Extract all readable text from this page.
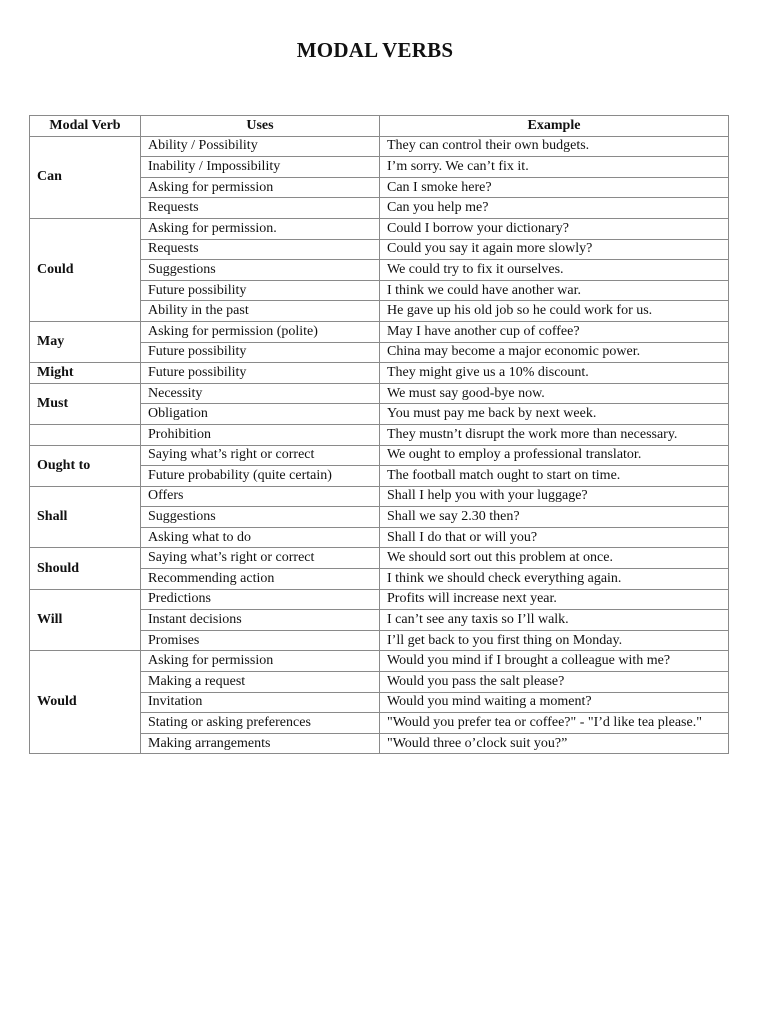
MODAL VERBS
Modal Verb	Uses	Example
Can	Ability / Possibility	They can control their own budgets.
	Inability / Impossibility	I’m sorry. We can’t fix it.
	Asking for permission	Can I smoke here?
	Requests	Can you help me?
Could	Asking for permission.	Could I borrow your dictionary?
	Requests	Could you say it again more slowly?
	Suggestions	We could try to fix it ourselves.
	Future possibility	I think we could have another war.
	Ability in the past	He gave up his old job so he could work for us.
May	Asking for permission (polite)	May I have another cup of coffee?
	Future possibility	China may become a major economic power.
Might	Future possibility	They might give us a 10% discount.
Must	Necessity	We must say good-bye now.
	Obligation	You must pay me back by next week.
	Prohibition	They mustn’t disrupt the work more than necessary.
Ought to	Saying what’s right or correct	We ought to employ a professional translator.
	Future probability (quite certain)	The football match ought to start on time.
Shall	Offers	Shall I help you with your luggage?
	Suggestions	Shall we say 2.30 then?
	Asking what to do	Shall I do that or will you?
Should	Saying what’s right or correct	We should sort out this problem at once.
	Recommending action	I think we should check everything again.
Will	Predictions	Profits will increase next year.
	Instant decisions	I can’t see any taxis so I’ll walk.
	Promises	I’ll get back to you first thing on Monday.
Would	Asking for permission	Would you mind if I brought a colleague with me?
	Making a request	Would you pass the salt please?
	Invitation	Would you mind waiting a moment?
	Stating or asking preferences	"Would you prefer tea or coffee?" - "I’d like tea please."
	Making arrangements	"Would three o’clock suit you?”
